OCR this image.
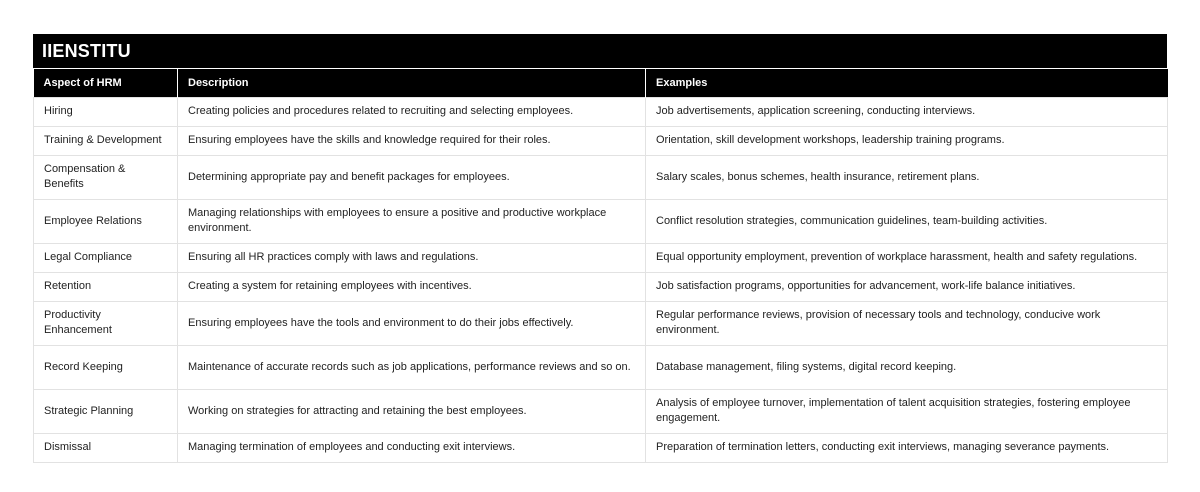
IIENSTITU
Aspect of HRM	Description	Examples
Hiring	Creating policies and procedures related to recruiting and selecting employees.	Job advertisements, application screening, conducting interviews.
Training & Development	Ensuring employees have the skills and knowledge required for their roles.	Orientation, skill development workshops, leadership training programs.
Compensation & Benefits	Determining appropriate pay and benefit packages for employees.	Salary scales, bonus schemes, health insurance, retirement plans.
Employee Relations	Managing relationships with employees to ensure a positive and productive workplace environment.	Conflict resolution strategies, communication guidelines, team-building activities.
Legal Compliance	Ensuring all HR practices comply with laws and regulations.	Equal opportunity employment, prevention of workplace harassment, health and safety regulations.
Retention	Creating a system for retaining employees with incentives.	Job satisfaction programs, opportunities for advancement, work-life balance initiatives.
Productivity Enhancement	Ensuring employees have the tools and environment to do their jobs effectively.	Regular performance reviews, provision of necessary tools and technology, conducive work environment.
Record Keeping	Maintenance of accurate records such as job applications, performance reviews and so on.	Database management, filing systems, digital record keeping.
Strategic Planning	Working on strategies for attracting and retaining the best employees.	Analysis of employee turnover, implementation of talent acquisition strategies, fostering employee engagement.
Dismissal	Managing termination of employees and conducting exit interviews.	Preparation of termination letters, conducting exit interviews, managing severance payments.
